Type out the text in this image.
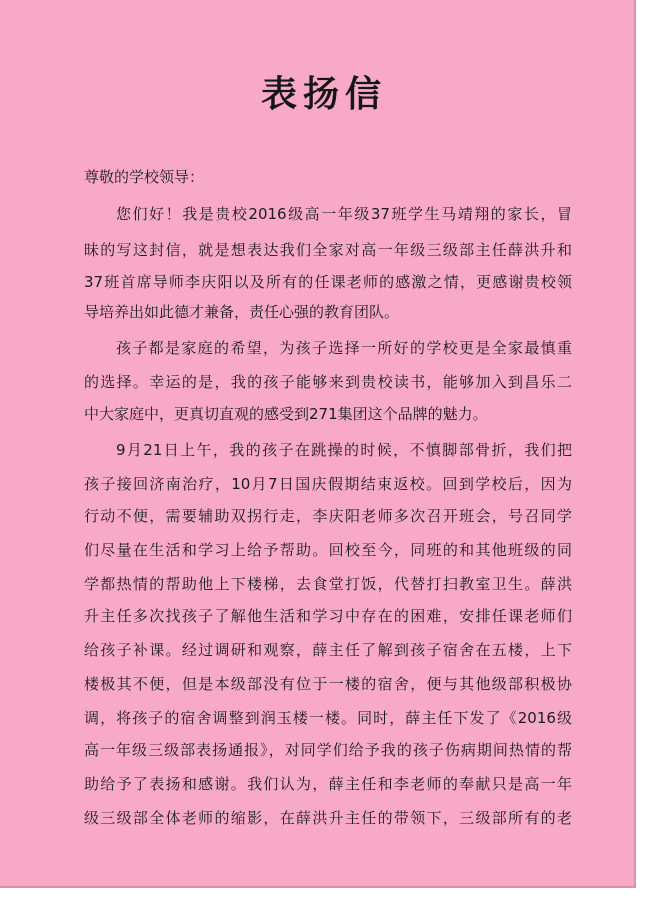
表扬信
尊敬的学校领导：
您们好！我是贵校2016级高一年级37班学生马靖翔的家长，冒
昧的写这封信，就是想表达我们全家对高一年级三级部主任薛洪升和
37班首席导师李庆阳以及所有的任课老师的感激之情，更感谢贵校领
导培养出如此德才兼备，责任心强的教育团队。
孩子都是家庭的希望，为孩子选择一所好的学校更是全家最慎重
的选择。幸运的是，我的孩子能够来到贵校读书，能够加入到昌乐二
中大家庭中，更真切直观的感受到271集团这个品牌的魅力。
9月21日上午，我的孩子在跳操的时候，不慎脚部骨折，我们把
孩子接回济南治疗，10月7日国庆假期结束返校。回到学校后，因为
行动不便，需要辅助双拐行走，李庆阳老师多次召开班会，号召同学
们尽量在生活和学习上给予帮助。回校至今，同班的和其他班级的同
学都热情的帮助他上下楼梯，去食堂打饭，代替打扫教室卫生。薛洪
升主任多次找孩子了解他生活和学习中存在的困难，安排任课老师们
给孩子补课。经过调研和观察，薛主任了解到孩子宿舍在五楼，上下
楼极其不便，但是本级部没有位于一楼的宿舍，便与其他级部积极协
调，将孩子的宿舍调整到润玉楼一楼。同时，薛主任下发了《2016级
高一年级三级部表扬通报》，对同学们给予我的孩子伤病期间热情的帮
助给予了表扬和感谢。我们认为，薛主任和李老师的奉献只是高一年
级三级部全体老师的缩影，在薛洪升主任的带领下，三级部所有的老
